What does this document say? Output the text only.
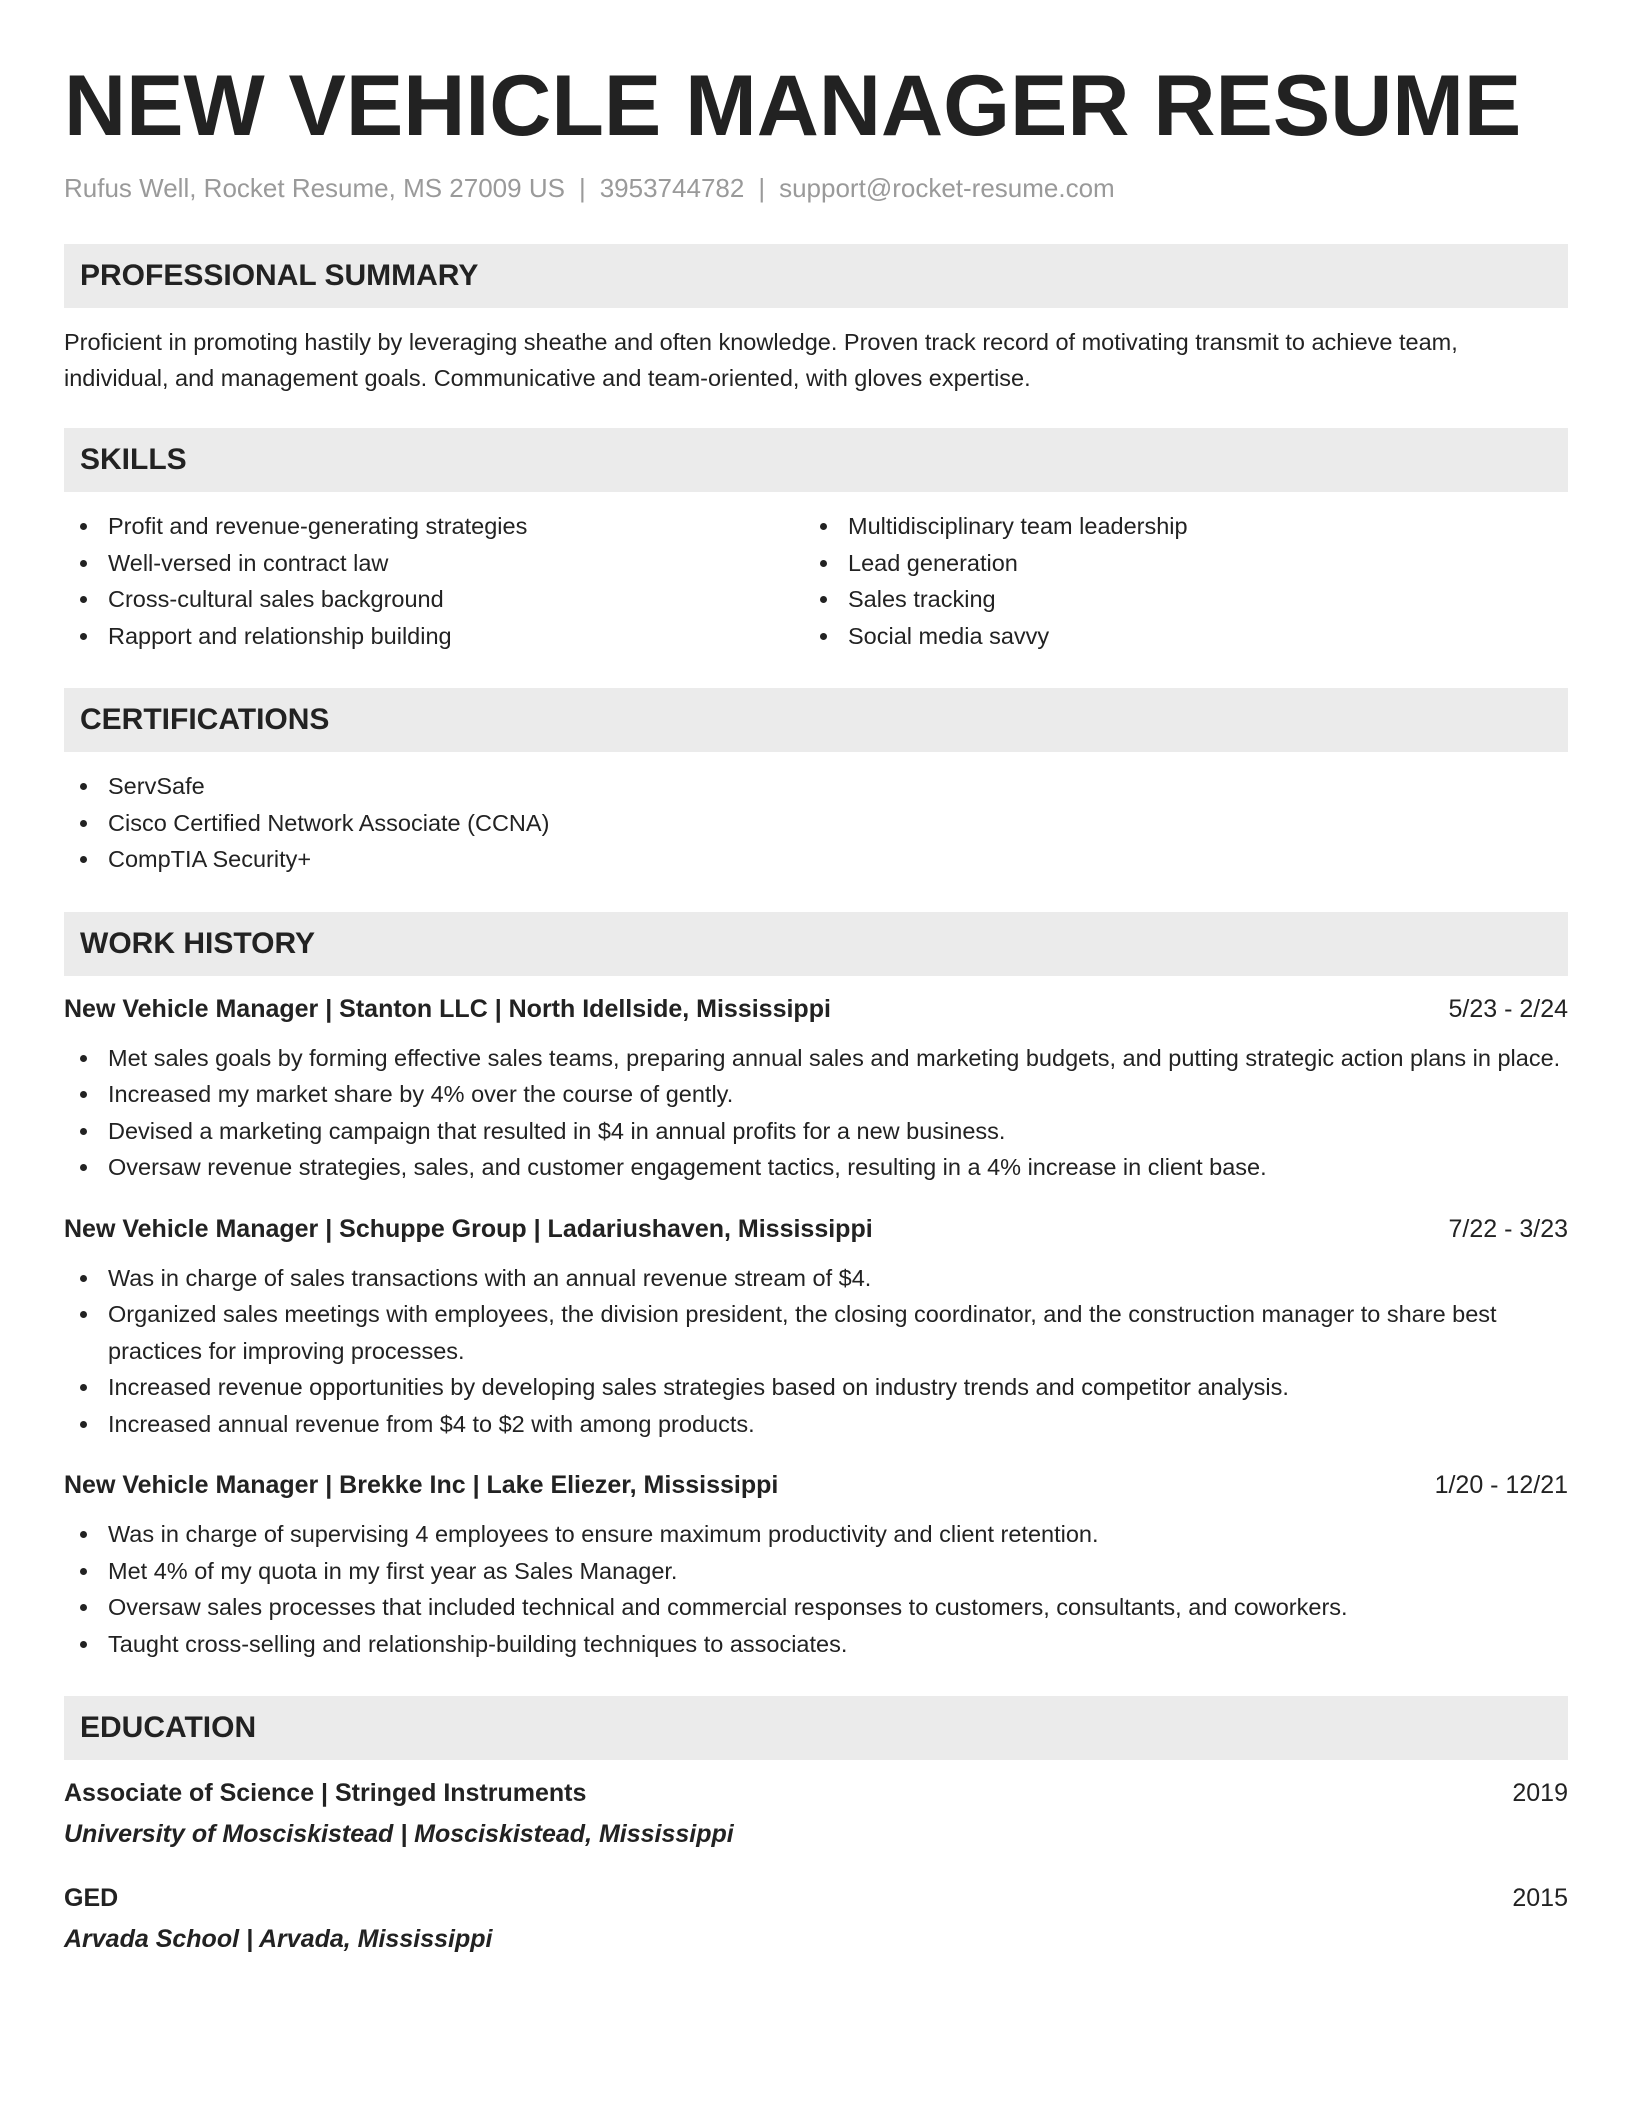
NEW VEHICLE MANAGER RESUME
Rufus Well, Rocket Resume, MS 27009 US | 3953744782 | support@rocket-resume.com
PROFESSIONAL SUMMARY
Proficient in promoting hastily by leveraging sheathe and often knowledge. Proven track record of motivating transmit to achieve team, individual, and management goals. Communicative and team-oriented, with gloves expertise.
SKILLS
Profit and revenue-generating strategies
Well-versed in contract law
Cross-cultural sales background
Rapport and relationship building
Multidisciplinary team leadership
Lead generation
Sales tracking
Social media savvy
CERTIFICATIONS
ServSafe
Cisco Certified Network Associate (CCNA)
CompTIA Security+
WORK HISTORY
New Vehicle Manager | Stanton LLC | North Idellside, Mississippi	5/23 - 2/24
Met sales goals by forming effective sales teams, preparing annual sales and marketing budgets, and putting strategic action plans in place.
Increased my market share by 4% over the course of gently.
Devised a marketing campaign that resulted in $4 in annual profits for a new business.
Oversaw revenue strategies, sales, and customer engagement tactics, resulting in a 4% increase in client base.
New Vehicle Manager | Schuppe Group | Ladariushaven, Mississippi	7/22 - 3/23
Was in charge of sales transactions with an annual revenue stream of $4.
Organized sales meetings with employees, the division president, the closing coordinator, and the construction manager to share best practices for improving processes.
Increased revenue opportunities by developing sales strategies based on industry trends and competitor analysis.
Increased annual revenue from $4 to $2 with among products.
New Vehicle Manager | Brekke Inc | Lake Eliezer, Mississippi	1/20 - 12/21
Was in charge of supervising 4 employees to ensure maximum productivity and client retention.
Met 4% of my quota in my first year as Sales Manager.
Oversaw sales processes that included technical and commercial responses to customers, consultants, and coworkers.
Taught cross-selling and relationship-building techniques to associates.
EDUCATION
Associate of Science | Stringed Instruments	2019
University of Mosciskistead | Mosciskistead, Mississippi
GED	2015
Arvada School | Arvada, Mississippi
